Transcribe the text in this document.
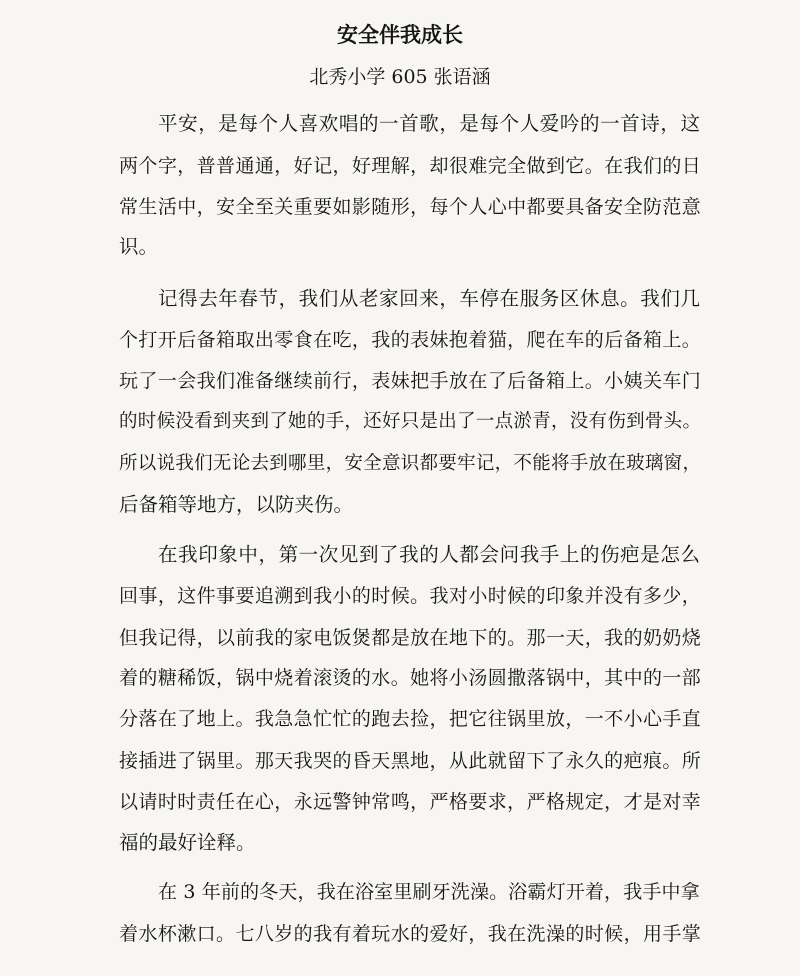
安全伴我成长
北秀小学 605 张语涵
平 安 ， 是 每 个 人 喜 欢 唱 的 一 首 歌 ， 是 每 个 人 爱 吟 的 一 首 诗 ， 这
两 个 字 ， 普 普 通 通 ， 好 记 ， 好 理 解 ， 却 很 难 完 全 做 到 它 。 在 我 们 的 日
常 生 活 中 ， 安 全 至 关 重 要 如 影 随 形 ， 每 个 人 心 中 都 要 具 备 安 全 防 范 意
识。
记 得 去 年 春 节 ， 我 们 从 老 家 回 来 ， 车 停 在 服 务 区 休 息 。 我 们 几
个 打 开 后 备 箱 取 出 零 食 在 吃 ， 我 的 表 妹 抱 着 猫 ， 爬 在 车 的 后 备 箱 上 。
玩 了 一 会 我 们 准 备 继 续 前 行 ， 表 妹 把 手 放 在 了 后 备 箱 上 。 小 姨 关 车 门
的 时 候 没 看 到 夹 到 了 她 的 手 ， 还 好 只 是 出 了 一 点 淤 青 ， 没 有 伤 到 骨 头 。
所 以 说 我 们 无 论 去 到 哪 里 ， 安 全 意 识 都 要 牢 记 ， 不 能 将 手 放 在 玻 璃 窗 ，
后备箱等地方，以防夹伤。
在 我 印 象 中 ， 第 一 次 见 到 了 我 的 人 都 会 问 我 手 上 的 伤 疤 是 怎 么
回 事 ， 这 件 事 要 追 溯 到 我 小 的 时 候 。 我 对 小 时 候 的 印 象 并 没 有 多 少 ，
但 我 记 得 ， 以 前 我 的 家 电 饭 煲 都 是 放 在 地 下 的 。 那 一 天 ， 我 的 奶 奶 烧
着 的 糖 稀 饭 ， 锅 中 烧 着 滚 烫 的 水 。 她 将 小 汤 圆 撒 落 锅 中 ， 其 中 的 一 部
分 落 在 了 地 上 。 我 急 急 忙 忙 的 跑 去 捡 ， 把 它 往 锅 里 放 ， 一 不 小 心 手 直
接 插 进 了 锅 里 。 那 天 我 哭 的 昏 天 黑 地 ， 从 此 就 留 下 了 永 久 的 疤 痕 。 所
以 请 时 时 责 任 在 心 ， 永 远 警 钟 常 鸣 ， 严 格 要 求 ， 严 格 规 定 ， 才 是 对 幸
福的最好诠释。
在
3
年 前 的 冬 天 ， 我 在 浴 室 里 刷 牙 洗 澡 。 浴 霸 灯 开 着 ， 我 手 中 拿
着 水 杯 漱 口 。 七 八 岁 的 我 有 着 玩 水 的 爱 好 ， 我 在 洗 澡 的 时 候 ， 用 手 掌
